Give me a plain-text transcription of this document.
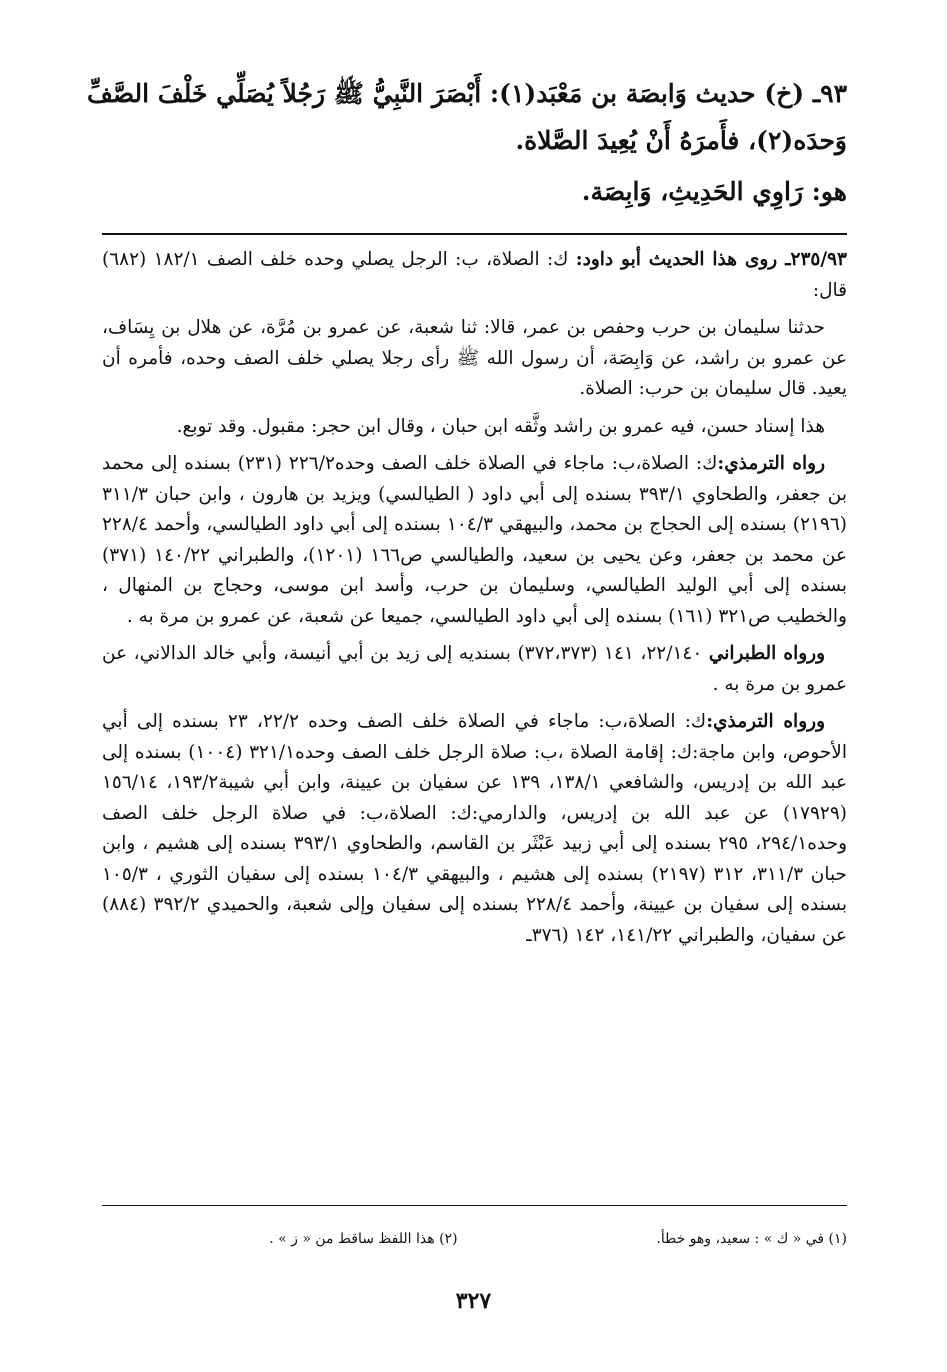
٩٣ـ (خ) حديث وَابصَة بن مَعْبَد(١): أَبْصَرَ النَّبِيُّ ﷺ رَجُلاً يُصَلِّي خَلْفَ الصَّفِّ وَحدَه(٢)، فأَمرَهُ أَنْ يُعِيدَ الصَّلاة.

هو: رَاوِي الحَدِيثِ، وَابِصَة.

٢٣٥/٩٣ـ روى هذا الحديث أبو داود: ك: الصلاة، ب: الرجل يصلي وحده خلف الصف ١٨٢/١ (٦٨٢) قال:

حدثنا سليمان بن حرب وحفص بن عمر، قالا: ثنا شعبة، عن عمرو بن مُرَّة، عن هلال بن يِسَاف، عن عمرو بن راشد، عن وَابِصَة، أن رسول الله ﷺ رأى رجلا يصلي خلف الصف وحده، فأمره أن يعيد. قال سليمان بن حرب: الصلاة.

هذا إسناد حسن، فيه عمرو بن راشد وثَّقه ابن حبان ، وقال ابن حجر: مقبول. وقد توبع.

رواه الترمذي:ك: الصلاة،ب: ماجاء في الصلاة خلف الصف وحده٢٢٦/٢ (٢٣١) بسنده إلى محمد بن جعفر، والطحاوي ٣٩٣/١ بسنده إلى أبي داود ( الطيالسي) ويزيد بن هارون ، وابن حبان ٣١١/٣ (٢١٩٦) بسنده إلى الحجاج بن محمد، والبيهقي ١٠٤/٣ بسنده إلى أبي داود الطيالسي، وأحمد ٢٢٨/٤ عن محمد بن جعفر، وعن يحيى بن سعيد، والطيالسي ص١٦٦ (١٢٠١)، والطبراني ١٤٠/٢٢ (٣٧١) بسنده إلى أبي الوليد الطيالسي، وسليمان بن حرب، وأسد ابن موسى، وحجاج بن المنهال ، والخطيب ص٣٢١ (١٦١) بسنده إلى أبي داود الطيالسي، جميعا عن شعبة، عن عمرو بن مرة به .

ورواه الطبراني ٢٢/١٤٠، ١٤١ (٣٧٢،٣٧٣) بسنديه إلى زيد بن أبي أنيسة، وأبي خالد الدالاني، عن عمرو بن مرة به .

ورواه الترمذي:ك: الصلاة،ب: ماجاء في الصلاة خلف الصف وحده ٢٢/٢، ٢٣ بسنده إلى أبي الأحوص، وابن ماجة:ك: إقامة الصلاة ،ب: صلاة الرجل خلف الصف وحده٣٢١/١ (١٠٠٤) بسنده إلى عبد الله بن إدريس، والشافعي ١٣٨/١، ١٣٩ عن سفيان بن عيينة، وابن أبي شيبة١٩٣/٢، ١٥٦/١٤ (١٧٩٢٩) عن عبد الله بن إدريس، والدارمي:ك: الصلاة،ب: في صلاة الرجل خلف الصف وحده٢٩٤/١، ٢٩٥ بسنده إلى أبي زبيد عَبْثَر بن القاسم، والطحاوي ٣٩٣/١ بسنده إلى هشيم ، وابن حبان ٣١١/٣، ٣١٢ (٢١٩٧) بسنده إلى هشيم ، والبيهقي ١٠٤/٣ بسنده إلى سفيان الثوري ، ١٠٥/٣ بسنده إلى سفيان بن عيينة، وأحمد ٢٢٨/٤ بسنده إلى سفيان وإلى شعبة، والحميدي ٣٩٢/٢ (٨٨٤) عن سفيان، والطبراني ١٤١/٢٢، ١٤٢ (٣٧٦ـ

(١) في « ك » : سعيد، وهو خطأ. (٢) هذا اللفظ ساقط من « ز » .
٣٢٧
